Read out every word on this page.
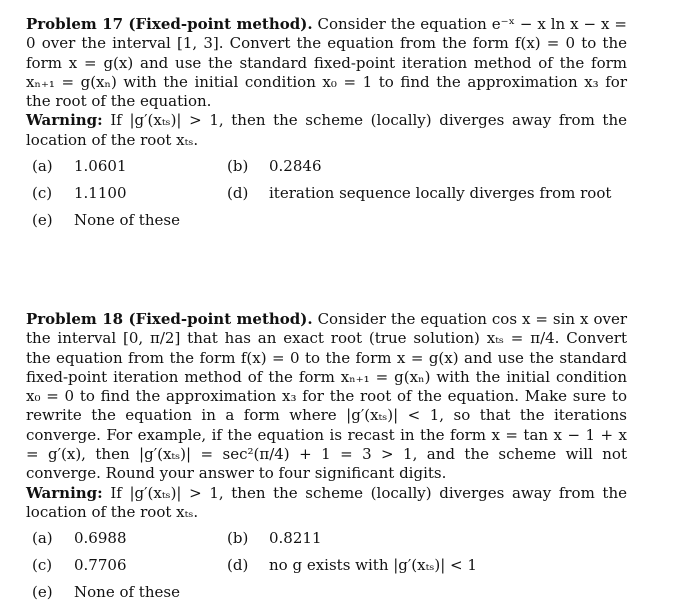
Problem 17 (Fixed-point method). Consider the equation e⁻ˣ − x ln x − x = 0 over the interval [1, 3]. Convert the equation from the form f(x) = 0 to the form x = g(x) and use the standard fixed-point iteration method of the form xₙ₊₁ = g(xₙ) with the initial condition x₀ = 1 to find the approximation x₃ for the root of the equation.

Warning: If |g′(xₜₛ)| > 1, then the scheme (locally) diverges away from the location of the root xₜₛ.

(a) 1.0601	(b) 0.2846
(c) 1.1100	(d) iteration sequence locally diverges from root
(e) None of these

Problem 18 (Fixed-point method). Consider the equation cos x = sin x over the interval [0, π/2] that has an exact root (true solution) xₜₛ = π/4. Convert the equation from the form f(x) = 0 to the form x = g(x) and use the standard fixed-point iteration method of the form xₙ₊₁ = g(xₙ) with the initial condition x₀ = 0 to find the approximation x₃ for the root of the equation. Make sure to rewrite the equation in a form where |g′(xₜₛ)| < 1, so that the iterations converge. For example, if the equation is recast in the form x = tan x − 1 + x = g′(x), then |g′(xₜₛ)| = sec²(π/4) + 1 = 3 > 1, and the scheme will not converge. Round your answer to four significant digits.

Warning: If |g′(xₜₛ)| > 1, then the scheme (locally) diverges away from the location of the root xₜₛ.

(a) 0.6988	(b) 0.8211
(c) 0.7706	(d) no g exists with |g′(xₜₛ)| < 1
(e) None of these
